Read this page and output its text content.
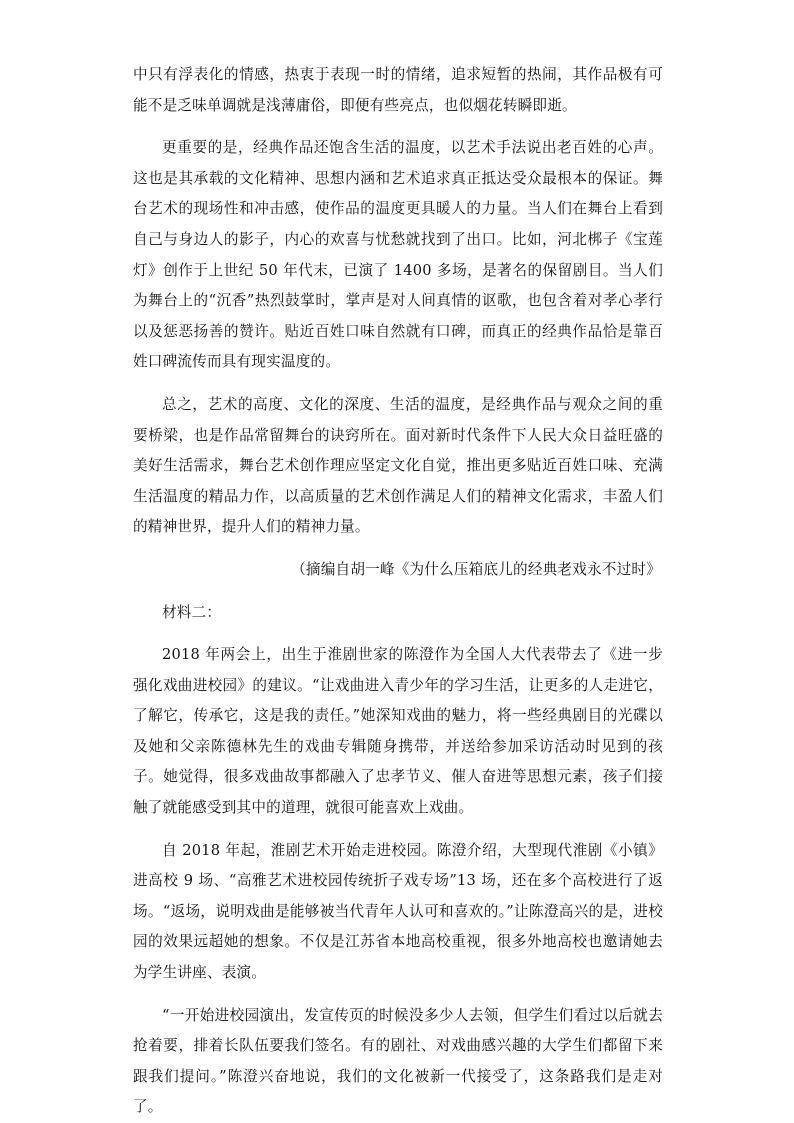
中只有浮表化的情感，热衷于表现一时的情绪，追求短暂的热闹，其作品极有可能不是乏味单调就是浅薄庸俗，即便有些亮点，也似烟花转瞬即逝。

更重要的是，经典作品还饱含生活的温度，以艺术手法说出老百姓的心声。这也是其承载的文化精神、思想内涵和艺术追求真正抵达受众最根本的保证。舞台艺术的现场性和冲击感，使作品的温度更具暖人的力量。当人们在舞台上看到自己与身边人的影子，内心的欢喜与忧愁就找到了出口。比如，河北梆子《宝莲灯》创作于上世纪 50 年代末，已演了 1400 多场，是著名的保留剧目。当人们为舞台上的“沉香”热烈鼓掌时，掌声是对人间真情的讴歌，也包含着对孝心孝行以及惩恶扬善的赞许。贴近百姓口味自然就有口碑，而真正的经典作品恰是靠百姓口碑流传而具有现实温度的。

总之，艺术的高度、文化的深度、生活的温度，是经典作品与观众之间的重要桥梁，也是作品常留舞台的诀窍所在。面对新时代条件下人民大众日益旺盛的美好生活需求，舞台艺术创作理应坚定文化自觉，推出更多贴近百姓口味、充满生活温度的精品力作，以高质量的艺术创作满足人们的精神文化需求，丰盈人们的精神世界，提升人们的精神力量。

（摘编自胡一峰《为什么压箱底儿的经典老戏永不过时》

材料二：

2018 年两会上，出生于淮剧世家的陈澄作为全国人大代表带去了《进一步强化戏曲进校园》的建议。“让戏曲进入青少年的学习生活，让更多的人走进它，了解它，传承它，这是我的责任。”她深知戏曲的魅力，将一些经典剧目的光碟以及她和父亲陈德林先生的戏曲专辑随身携带，并送给参加采访活动时见到的孩子。她觉得，很多戏曲故事都融入了忠孝节义、催人奋进等思想元素，孩子们接触了就能感受到其中的道理，就很可能喜欢上戏曲。

自 2018 年起，淮剧艺术开始走进校园。陈澄介绍，大型现代淮剧《小镇》进高校 9 场、“高雅艺术进校园传统折子戏专场”13 场，还在多个高校进行了返场。“返场，说明戏曲是能够被当代青年人认可和喜欢的。”让陈澄高兴的是，进校园的效果远超她的想象。不仅是江苏省本地高校重视，很多外地高校也邀请她去为学生讲座、表演。

“一开始进校园演出，发宣传页的时候没多少人去领，但学生们看过以后就去抢着要，排着长队伍要我们签名。有的剧社、对戏曲感兴趣的大学生们都留下来跟我们提问。”陈澄兴奋地说，我们的文化被新一代接受了，这条路我们是走对了。
